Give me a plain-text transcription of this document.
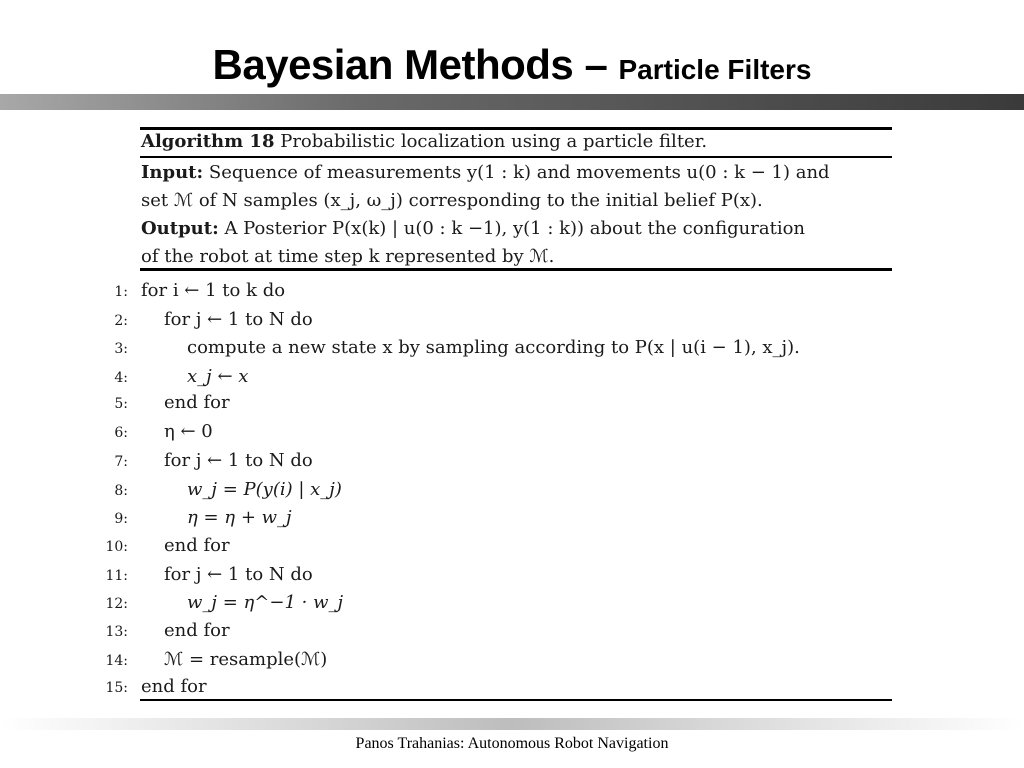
Bayesian Methods – Particle Filters
Algorithm 18 Probabilistic localization using a particle filter.
Input: Sequence of measurements y(1 : k) and movements u(0 : k − 1) and
set ℳ of N samples (x_j, ω_j) corresponding to the initial belief P(x).
Output: A Posterior P(x(k) | u(0 : k −1), y(1 : k)) about the configuration
of the robot at time step k represented by ℳ.
1: for i ← 1 to k do
2: for j ← 1 to N do
3:	compute a new state x by sampling according to P(x | u(i − 1), x_j).
4:	x_j ← x
5: end for
6: η ← 0
7: for j ← 1 to N do
8:	w_j = P(y(i) | x_j)
9:	η = η + w_j
10: end for
11: for j ← 1 to N do
12:	w_j = η^−1 · w_j
13: end for
14: ℳ = resample(ℳ)
15: end for
Panos Trahanias: Autonomous Robot Navigation
